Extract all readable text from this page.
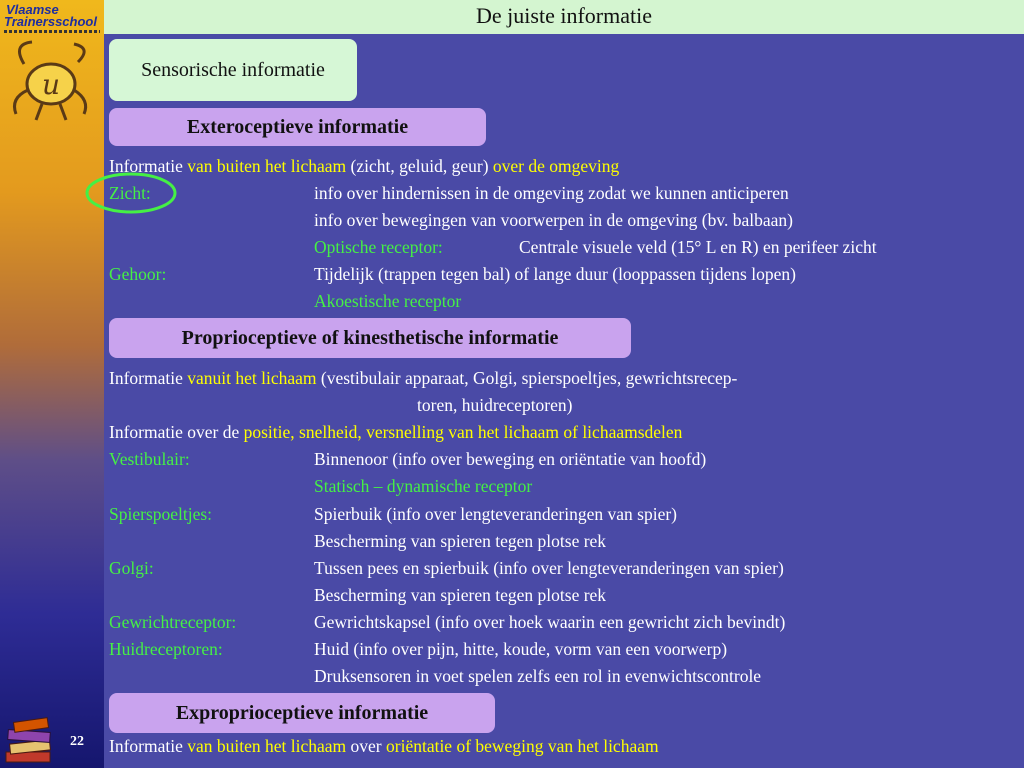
Vlaamse
Trainersschool
u
22
De juiste informatie
Sensorische informatie
Exteroceptieve informatie
Informatie van buiten het lichaam (zicht, geluid, geur) over de omgeving
Zicht:	info over hindernissen in de omgeving zodat we kunnen anticiperen
info over bewegingen van voorwerpen in de omgeving (bv. balbaan)
Optische receptor:	Centrale visuele veld (15° L en R) en perifeer zicht
Gehoor:	Tijdelijk (trappen tegen bal) of lange duur (looppassen tijdens lopen)
Akoestische receptor
Proprioceptieve of kinesthetische informatie
Informatie vanuit het lichaam (vestibulair apparaat, Golgi, spierspoeltjes, gewrichtsrecep-
toren, huidreceptoren)
Informatie over de positie, snelheid, versnelling van het lichaam of lichaamsdelen
Vestibulair:	Binnenoor (info over beweging en oriëntatie van hoofd)
Statisch – dynamische receptor
Spierspoeltjes:	Spierbuik (info over lengteveranderingen van spier)
Bescherming van spieren tegen plotse rek
Golgi:	Tussen pees en spierbuik (info over lengteveranderingen van spier)
Bescherming van spieren tegen plotse rek
Gewrichtreceptor:	Gewrichtskapsel (info over hoek waarin een gewricht zich bevindt)
Huidreceptoren:	Huid (info over pijn, hitte, koude, vorm van een voorwerp)
Druksensoren in voet spelen zelfs een rol in evenwichtscontrole
Exproprioceptieve informatie
Informatie van buiten het lichaam over oriëntatie of beweging van het lichaam
